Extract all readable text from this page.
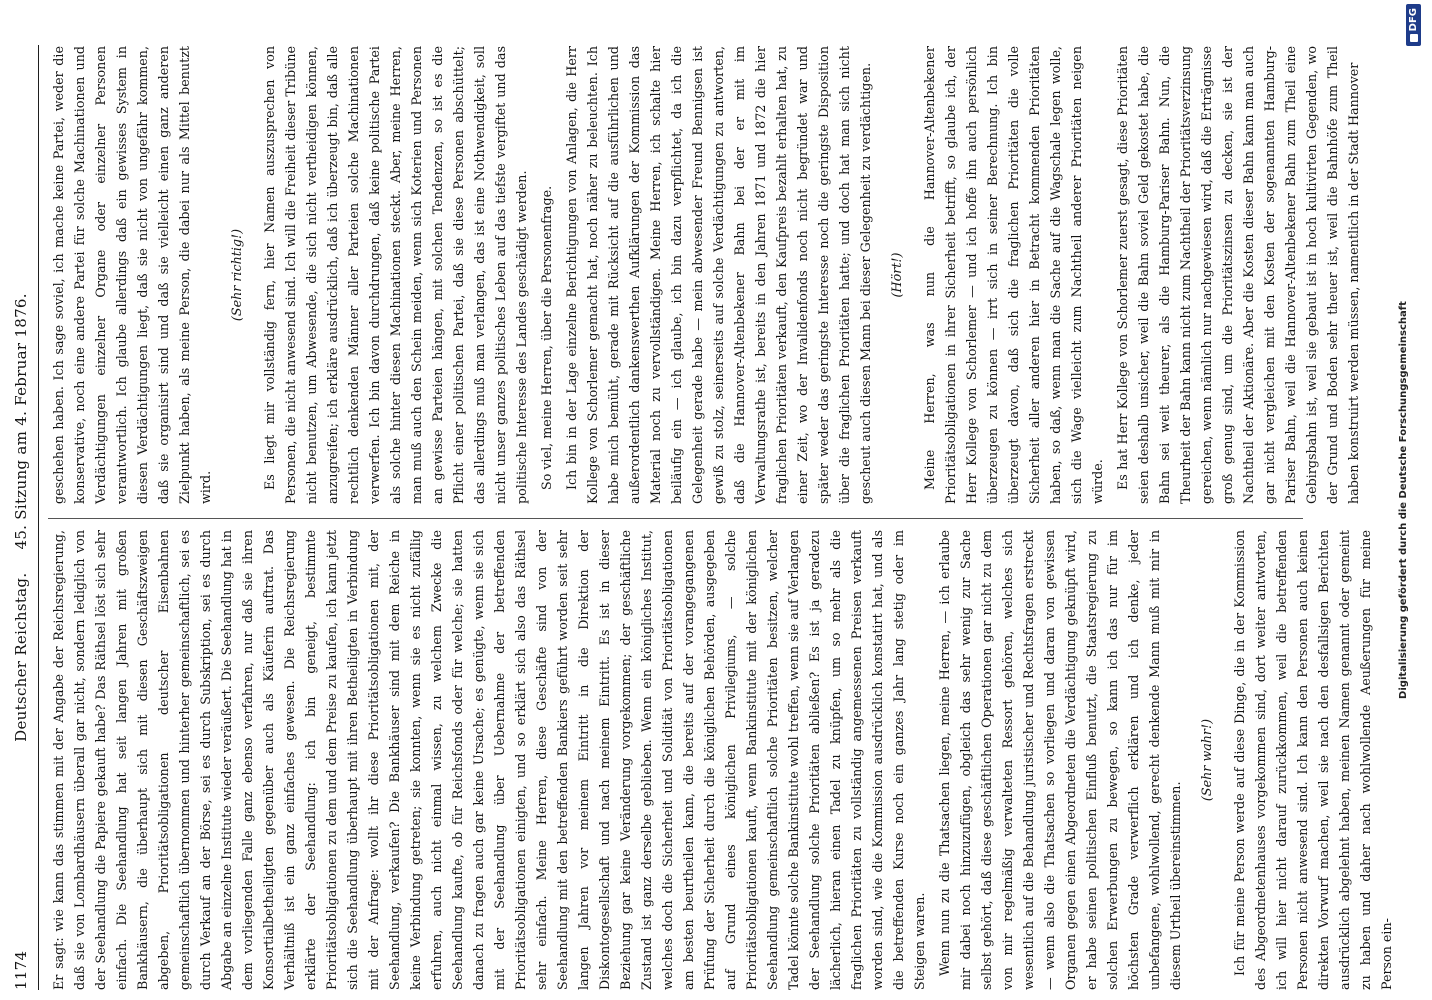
1174
Deutscher Reichstag. 45. Sitzung am 4. Februar 1876.

Er sagt: wie kann das stimmen mit der Angabe der Reichsregierung, daß sie von Lombardhäusern überall gar nicht, sondern lediglich von der Seehandlung die Papiere gekauft habe? Das Räthsel löst sich sehr einfach. Die Seehandlung hat seit langen Jahren mit großen Bankhäusern, die überhaupt sich mit diesen Geschäftszweigen abgeben, Prioritätsobligationen deutscher Eisenbahnen gemeinschaftlich übernommen und hinterher gemeinschaftlich, sei es durch Verkauf an der Börse, sei es durch Subskription, sei es durch Abgabe an einzelne Institute wieder veräußert. Die Seehandlung hat in dem vorliegenden Falle ganz ebenso verfahren, nur daß sie ihren Konsortialbetheiligten gegenüber auch als Käuferin auftrat. Das Verhältniß ist ein ganz einfaches gewesen. Die Reichsregierung erklärte der Seehandlung: ich bin geneigt, bestimmte Prioritätsobligationen zu dem und dem Preise zu kaufen, ich kann jetzt sich die Seehandlung überhaupt mit ihren Betheiligten in Verbindung mit der Anfrage: wollt ihr diese Prioritätsobligationen mit, der Seehandlung, verkaufen? Die Bankhäuser sind mit dem Reiche in keine Verbindung getreten; sie konnten, wenn sie es nicht zufällig erfuhren, auch nicht einmal wissen, zu welchem Zwecke die Seehandlung kaufte, ob für Reichsfonds oder für welche; sie hatten danach zu fragen auch gar keine Ursache; es genügte, wenn sie sich mit der Seehandlung über Uebernahme der betreffenden Prioritätsobligationen einigten, und so erklärt sich also das Räthsel sehr einfach. Meine Herren, diese Geschäfte sind von der Seehandlung mit den betreffenden Bankiers geführt worden seit sehr langen Jahren vor meinem Eintritt in die Direktion der Diskontogesellschaft und nach meinem Eintritt. Es ist in dieser Beziehung gar keine Veränderung vorgekommen; der geschäftliche Zustand ist ganz derselbe geblieben. Wenn ein königliches Institut, welches doch die Sicherheit und Solidität von Prioritätsobligationen am besten beurtheilen kann, die bereits auf der vorangegangenen Prüfung der Sicherheit durch die königlichen Behörden, ausgegeben auf Grund eines königlichen Privilegiums, — solche Prioritätsobligationen kauft, wenn Bankinstitute mit der königlichen Seehandlung gemeinschaftlich solche Prioritäten besitzen, welcher Tadel könnte solche Bankinstitute wohl treffen, wenn sie auf Verlangen der Seehandlung solche Prioritäten abließen? Es ist ja geradezu lächerlich, hieran einen Tadel zu knüpfen, um so mehr als die fraglichen Prioritäten zu vollständig angemessenen Preisen verkauft worden sind, wie die Kommission ausdrücklich konstatirt hat, und als die betreffenden Kurse noch ein ganzes Jahr lang stetig oder im Steigen waren. Wenn nun zu die Thatsachen liegen, meine Herren, — ich erlaube mir dabei noch hinzuzufügen, obgleich das sehr wenig zur Sache selbst gehört, daß diese geschäftlichen Operationen gar nicht zu dem von mir regelmäßig verwalteten Ressort gehören, welches sich wesentlich auf die Behandlung juristischer und Rechtsfragen erstreckt — wenn also die Thatsachen so vorliegen und daran von gewissen Organen gegen einen Abgeordneten die Verdächtigung geknüpft wird, er habe seinen politischen Einfluß benutzt, die Staatsregierung zu solchen Erwerbungen zu bewegen, so kann ich das nur für im höchsten Grade verwerflich erklären und ich denke, jeder unbefangene, wohlwollend, gerecht denkende Mann muß mit mir in diesem Urtheil übereinstimmen.

(Sehr wahr!) Ich für meine Person werde auf diese Dinge, die in der Kommission des Abgeordnetenhauses vorgekommen sind, dort weiter antworten, ich will hier nicht darauf zurückkommen, weil die betreffenden Personen nicht anwesend sind. Ich kann den Personen auch keinen direkten Vorwurf machen, weil sie nach den desfallsigen Berichten ausdrücklich abgelehnt haben, meinen Namen genannt oder gemeint zu haben und daher nach wohlwollende Aeußerungen für meine Person ein-

geschehen haben. Ich sage soviel, ich mache keine Partei, weder die konservative, noch eine andere Partei für solche Machinationen und Verdächtigungen einzelner Organe oder einzelner Personen verantwortlich. Ich glaube allerdings daß ein gewisses System in diesen Verdächtigungen liegt, daß sie nicht von ungefähr kommen, daß sie organisirt sind und daß sie vielleicht einen ganz anderen Zielpunkt haben, als meine Person, die dabei nur als Mittel benutzt wird.

(Sehr richtig!) Es liegt mir vollständig fern, hier Namen auszusprechen von Personen, die nicht anwesend sind. Ich will die Freiheit dieser Tribüne nicht benutzen, um Abwesende, die sich nicht vertheidigen können, anzugreifen; ich erkläre ausdrücklich, daß ich überzeugt bin, daß alle rechtlich denkenden Männer aller Parteien solche Machinationen verwerfen. Ich bin davon durchdrungen, daß keine politische Partei als solche hinter diesen Machinationen steckt. Aber, meine Herren, man muß auch den Schein meiden, wenn sich Koterien und Personen an gewisse Parteien hängen, mit solchen Tendenzen, so ist es die Pflicht einer politischen Partei, daß sie diese Personen abschüttelt; das allerdings muß man verlangen, das ist eine Nothwendigkeit, soll nicht unser ganzes politisches Leben auf das tiefste vergiftet und das politische Interesse des Landes geschädigt werden. So viel, meine Herren, über die Personenfrage. Ich bin in der Lage einzelne Berichtigungen von Anlagen, die Herr Kollege von Schorlemer gemacht hat, noch näher zu beleuchten. Ich habe mich bemüht, gerade mit Rücksicht auf die ausführlichen und außerordentlich dankenswerthen Aufklärungen der Kommission das Material noch zu vervollständigen. Meine Herren, ich schalte hier beiläufig ein — ich glaube, ich bin dazu verpflichtet, da ich die Gelegenheit gerade habe — mein abwesender Freund Bennigsen ist gewiß zu stolz, seinerseits auf solche Verdächtigungen zu antworten, daß die Hannover-Altenbekener Bahn bei der er mit im Verwaltungsrathe ist, bereits in den Jahren 1871 und 1872 die hier fraglichen Prioritäten verkauft, den Kaufpreis bezahlt erhalten hat, zu einer Zeit, wo der Invalidenfonds noch nicht begründet war und später weder das geringste Interesse noch die geringste Disposition über die fraglichen Prioritäten hatte; und doch hat man sich nicht gescheut auch diesen Mann bei dieser Gelegenheit zu verdächtigen. (Hört!) Meine Herren, was nun die Hannover-Altenbekener Prioritätsobligationen in ihrer Sicherheit betrifft, so glaube ich, der Herr Kollege von Schorlemer — und ich hoffe ihn auch persönlich überzeugen zu können — irrt sich in seiner Berechnung. Ich bin überzeugt davon, daß sich die fraglichen Prioritäten die volle Sicherheit aller anderen hier in Betracht kommenden Prioritäten haben, so daß, wenn man die Sache auf die Wagschale legen wolle, sich die Wage vielleicht zum Nachtheil anderer Prioritäten neigen würde. Es hat Herr Kollege von Schorlemer zuerst gesagt, diese Prioritäten seien deshalb unsicher, weil die Bahn soviel Geld gekostet habe, die Bahn sei weit theurer, als die Hamburg-Pariser Bahn. Nun, die Theurheit der Bahn kann nicht zum Nachtheil der Prioritätsverzinsung gereichen, wenn nämlich nur nachgewiesen wird, daß die Erträgnisse groß genug sind, um die Prioritätszinsen zu decken, sie ist der Nachtheil der Aktionäre. Aber die Kosten dieser Bahn kann man auch gar nicht vergleichen mit den Kosten der sogenannten Hamburg-Pariser Bahn, weil die Hannover-Altenbekener Bahn zum Theil eine Gebirgsbahn ist, weil sie gebaut ist in hoch kultivirten Gegenden, wo der Grund und Boden sehr theuer ist, weil die Bahnhöfe zum Theil haben konstruirt werden müssen, namentlich in der Stadt Hannover	Digitalisierung gefördert durch die Deutsche Forschungsgemeinschaft
DFG
